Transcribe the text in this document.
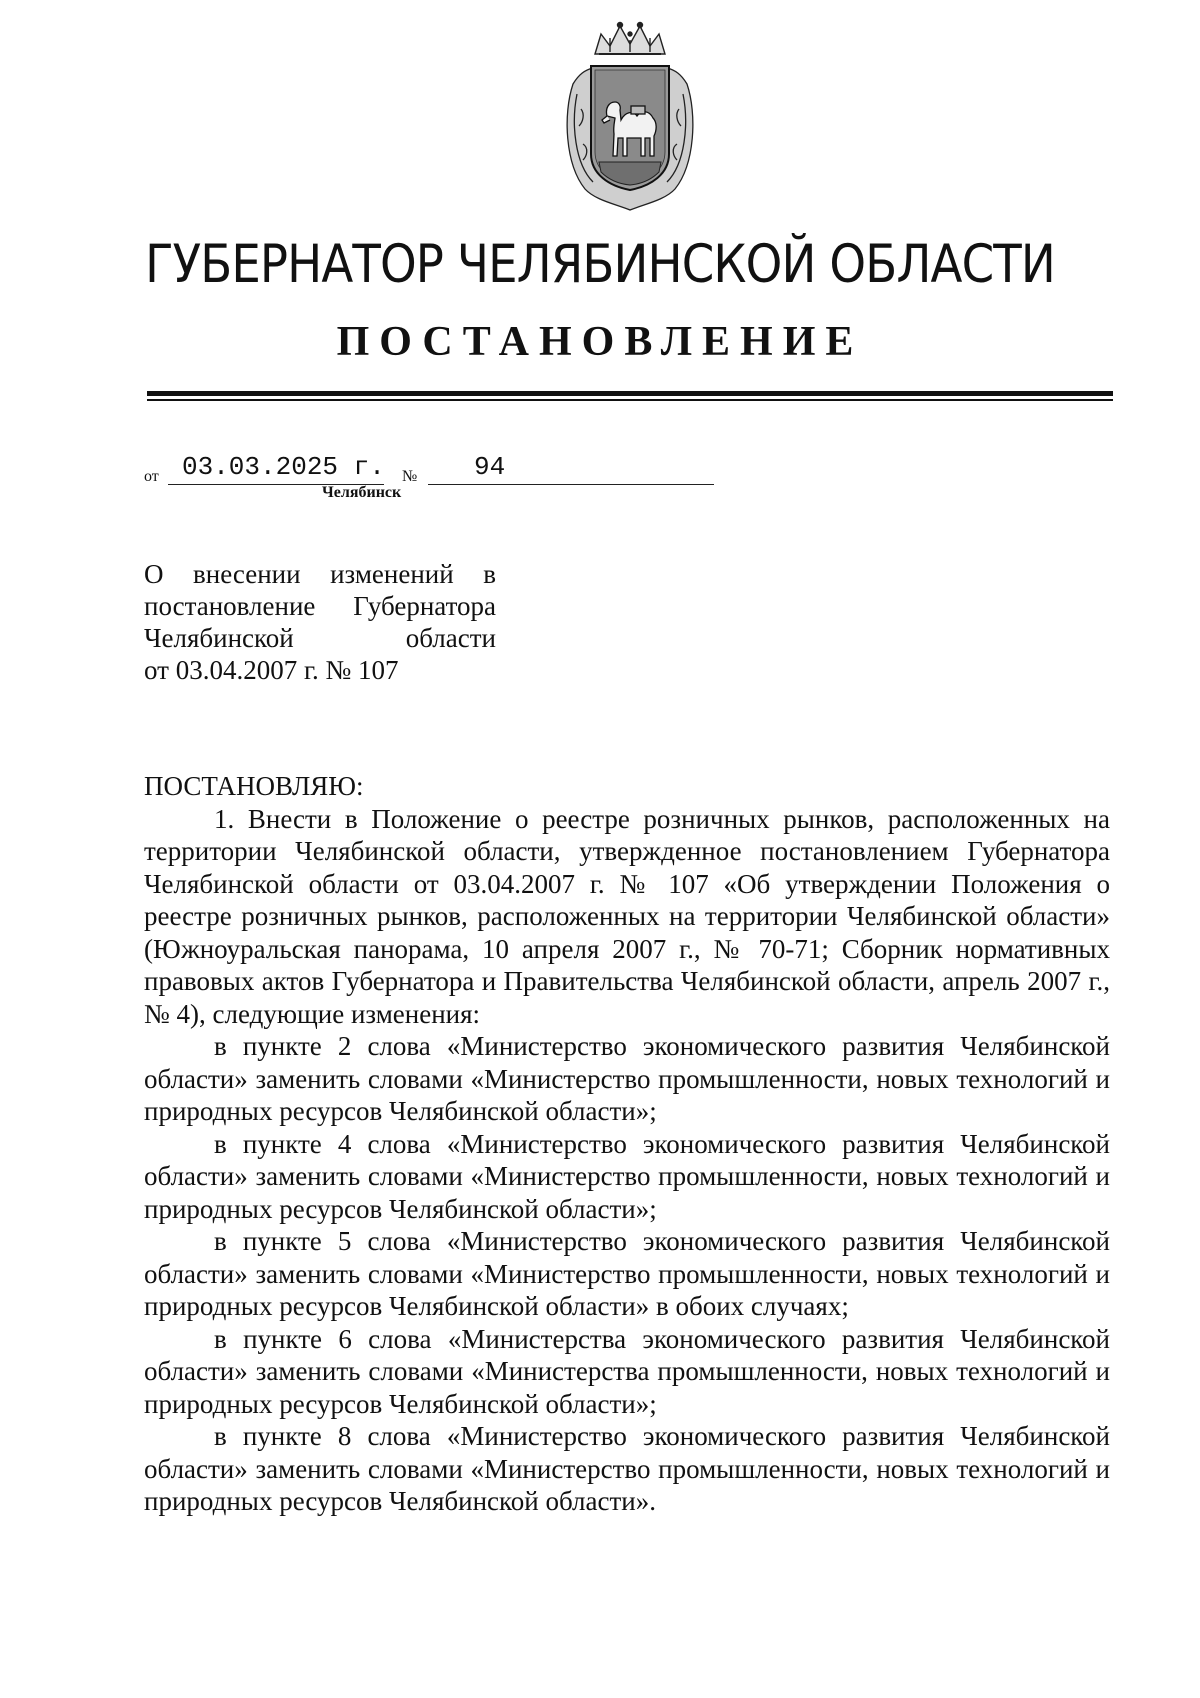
ГУБЕРНАТОР ЧЕЛЯБИНСКОЙ ОБЛАСТИ
ПОСТАНОВЛЕНИЕ
от 03.03.2025 г. № 94
Челябинск
О внесении изменений в
постановление Губернатора
Челябинской области
от 03.04.2007 г. № 107

ПОСТАНОВЛЯЮ:

1. Внести в Положение о реестре розничных рынков, расположенных на территории Челябинской области, утвержденное постановлением Губернатора Челябинской области от 03.04.2007 г. № 107 «Об утверждении Положения о реестре розничных рынков, расположенных на территории Челябинской области» (Южноуральская панорама, 10 апреля 2007 г., № 70-71; Сборник нормативных правовых актов Губернатора и Правительства Челябинской области, апрель 2007 г., № 4), следующие изменения:

в пункте 2 слова «Министерство экономического развития Челябинской области» заменить словами «Министерство промышленности, новых технологий и природных ресурсов Челябинской области»;

в пункте 4 слова «Министерство экономического развития Челябинской области» заменить словами «Министерство промышленности, новых технологий и природных ресурсов Челябинской области»;

в пункте 5 слова «Министерство экономического развития Челябинской области» заменить словами «Министерство промышленности, новых технологий и природных ресурсов Челябинской области» в обоих случаях;

в пункте 6 слова «Министерства экономического развития Челябинской области» заменить словами «Министерства промышленности, новых технологий и природных ресурсов Челябинской области»;

в пункте 8 слова «Министерство экономического развития Челябинской области» заменить словами «Министерство промышленности, новых технологий и природных ресурсов Челябинской области».
